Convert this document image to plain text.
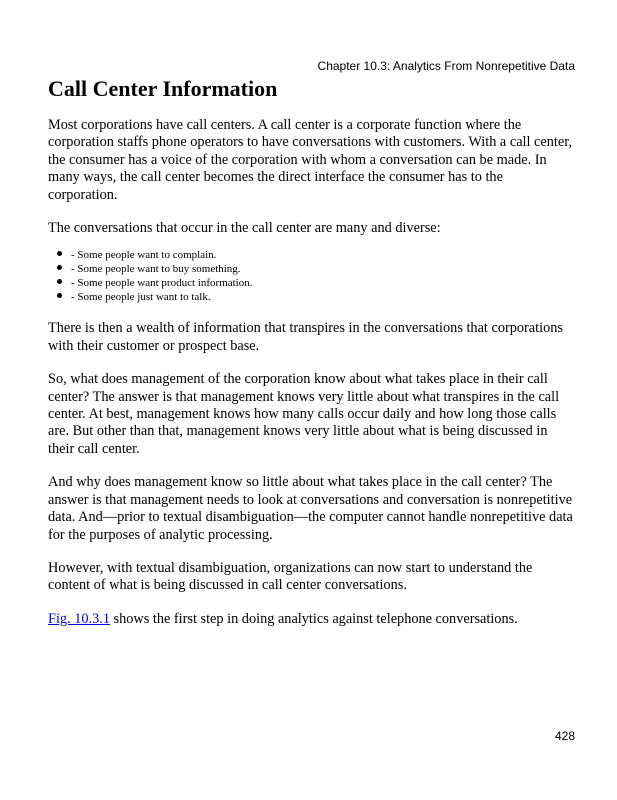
Chapter 10.3: Analytics From Nonrepetitive Data
Call Center Information

Most corporations have call centers. A call center is a corporate function where the corporation staffs phone operators to have conversations with customers. With a call center, the consumer has a voice of the corporation with whom a conversation can be made. In many ways, the call center becomes the direct interface the consumer has to the corporation.

The conversations that occur in the call center are many and diverse:

- Some people want to complain.
- Some people want to buy something.
- Some people want product information.
- Some people just want to talk.

There is then a wealth of information that transpires in the conversations that corporations with their customer or prospect base.

So, what does management of the corporation know about what takes place in their call center? The answer is that management knows very little about what transpires in the call center. At best, management knows how many calls occur daily and how long those calls are. But other than that, management knows very little about what is being discussed in their call center.

And why does management know so little about what takes place in the call center? The answer is that management needs to look at conversations and conversation is nonrepetitive data. And—prior to textual disambiguation—the computer cannot handle nonrepetitive data for the purposes of analytic processing.

However, with textual disambiguation, organizations can now start to understand the content of what is being discussed in call center conversations.

Fig. 10.3.1 shows the first step in doing analytics against telephone conversations.

428
